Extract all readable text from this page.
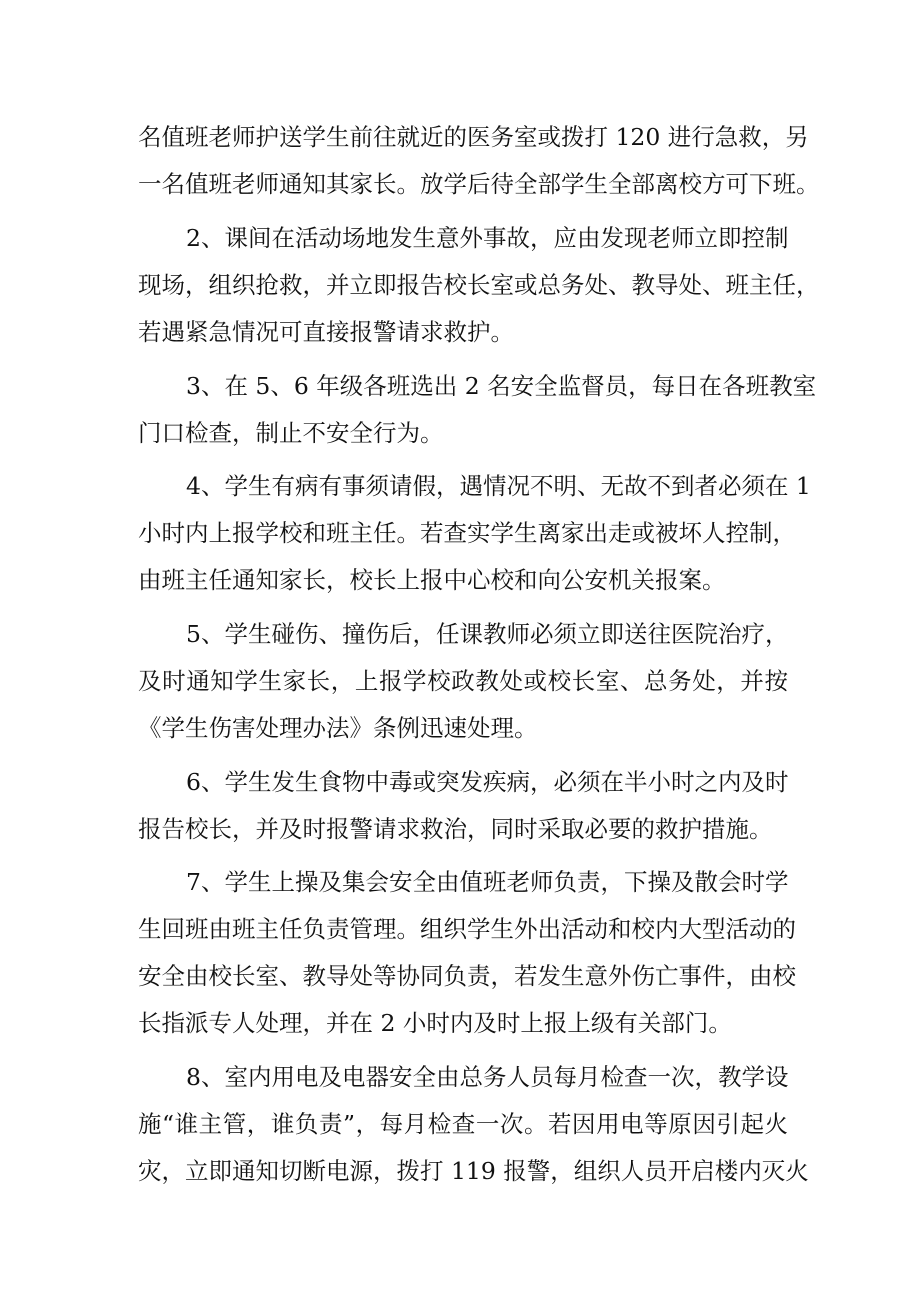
名值班老师护送学生前往就近的医务室或拨打 120 进行急救，另
一名值班老师通知其家长。放学后待全部学生全部离校方可下班。
2、课间在活动场地发生意外事故，应由发现老师立即控制
现场，组织抢救，并立即报告校长室或总务处、教导处、班主任，
若遇紧急情况可直接报警请求救护。
3、在 5、6 年级各班选出 2 名安全监督员，每日在各班教室
门口检查，制止不安全行为。
4、学生有病有事须请假，遇情况不明、无故不到者必须在 1
小时内上报学校和班主任。若查实学生离家出走或被坏人控制，
由班主任通知家长，校长上报中心校和向公安机关报案。
5、学生碰伤、撞伤后，任课教师必须立即送往医院治疗，
及时通知学生家长，上报学校政教处或校长室、总务处，并按
《学生伤害处理办法》条例迅速处理。
6、学生发生食物中毒或突发疾病，必须在半小时之内及时
报告校长，并及时报警请求救治，同时采取必要的救护措施。
7、学生上操及集会安全由值班老师负责，下操及散会时学
生回班由班主任负责管理。组织学生外出活动和校内大型活动的
安全由校长室、教导处等协同负责，若发生意外伤亡事件，由校
长指派专人处理，并在 2 小时内及时上报上级有关部门。
8、室内用电及电器安全由总务人员每月检查一次，教学设
施“谁主管，谁负责”，每月检查一次。若因用电等原因引起火
灾，立即通知切断电源，拨打 119 报警，组织人员开启楼内灭火
